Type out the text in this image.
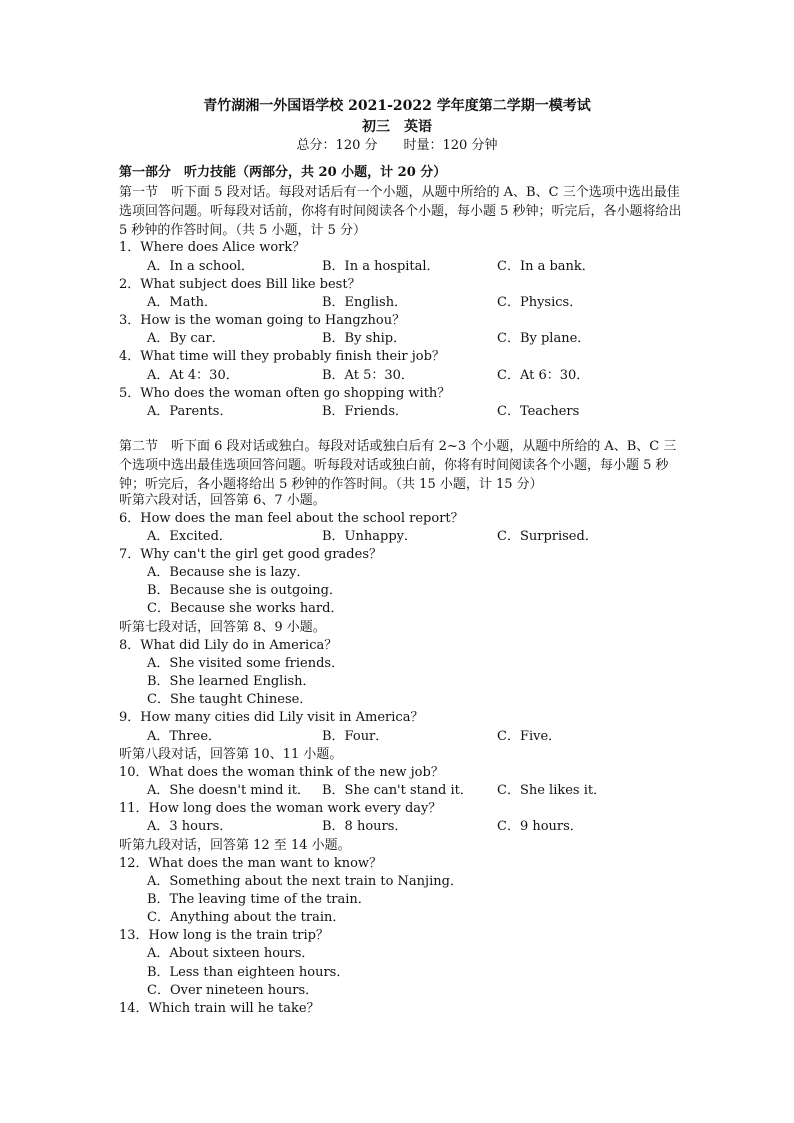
青竹湖湘一外国语学校 2021-2022 学年度第二学期一模考试
初三　英语
总分：120 分 时量：120 分钟
第一部分　听力技能（两部分，共 20 小题，计 20 分）
第一节　听下面 5 段对话。每段对话后有一个小题，从题中所给的 A、B、C 三个选项中选出最佳选项回答问题。听每段对话前，你将有时间阅读各个小题，每小题 5 秒钟；听完后，各小题将给出 5 秒钟的作答时间。（共 5 小题，计 5 分）
1．Where does Alice work？
A．In a school．	B．In a hospital．	C．In a bank．
2．What subject does Bill like best？
A．Math．	B．English．	C．Physics．
3．How is the woman going to Hangzhou？
A．By car．	B．By ship．	C．By plane．
4．What time will they probably finish their job？
A．At 4：30．	B．At 5：30．	C．At 6：30．
5．Who does the woman often go shopping with？
A．Parents．	B．Friends．	C．Teachers
第二节　听下面 6 段对话或独白。每段对话或独白后有 2~3 个小题，从题中所给的 A、B、C 三个选项中选出最佳选项回答问题。听每段对话或独白前，你将有时间阅读各个小题，每小题 5 秒钟；听完后，各小题将给出 5 秒钟的作答时间。（共 15 小题，计 15 分）
听第六段对话，回答第 6、7 小题。
6．How does the man feel about the school report？
A．Excited．	B．Unhappy．	C．Surprised．
7．Why can't the girl get good grades？
A．Because she is lazy．
B．Because she is outgoing．
C．Because she works hard．
听第七段对话，回答第 8、9 小题。
8．What did Lily do in America？
A．She visited some friends．
B．She learned English．
C．She taught Chinese．
9．How many cities did Lily visit in America？
A．Three．	B．Four．	C．Five．
听第八段对话，回答第 10、11 小题。
10．What does the woman think of the new job？
A．She doesn't mind it． B．She can't stand it． C．She likes it．
11．How long does the woman work every day？
A．3 hours．	B．8 hours．	C．9 hours．
听第九段对话，回答第 12 至 14 小题。
12．What does the man want to know？
A．Something about the next train to Nanjing．
B．The leaving time of the train．
C．Anything about the train．
13．How long is the train trip？
A．About sixteen hours．
B．Less than eighteen hours．
C．Over nineteen hours．
14．Which train will he take？
